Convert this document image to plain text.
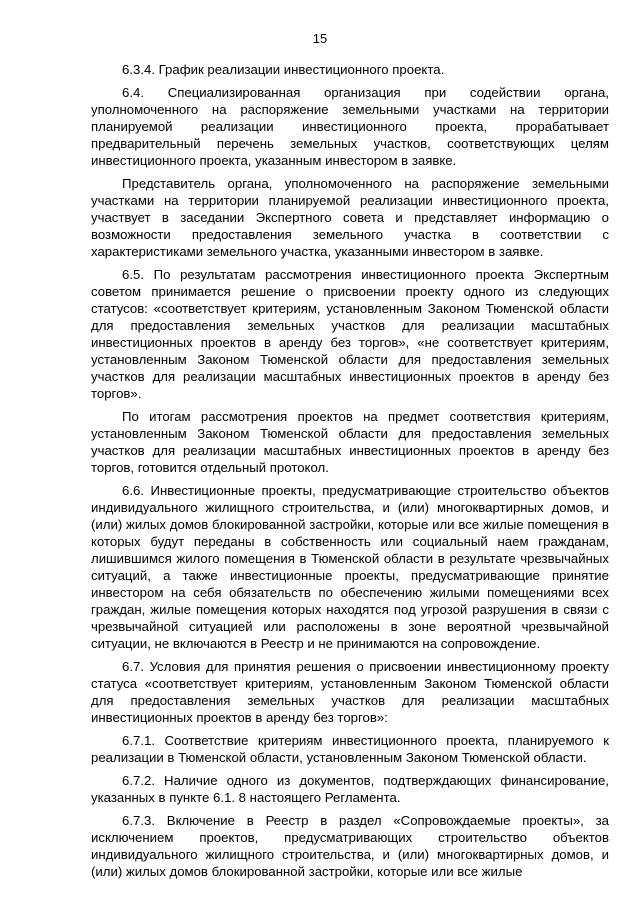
15

6.3.4. График реализации инвестиционного проекта.

6.4. Специализированная организация при содействии органа, уполномоченного на распоряжение земельными участками на территории планируемой реализации инвестиционного проекта, прорабатывает предварительный перечень земельных участков, соответствующих целям инвестиционного проекта, указанным инвестором в заявке.

Представитель органа, уполномоченного на распоряжение земельными участками на территории планируемой реализации инвестиционного проекта, участвует в заседании Экспертного совета и представляет информацию о возможности предоставления земельного участка в соответствии с характеристиками земельного участка, указанными инвестором в заявке.

6.5. По результатам рассмотрения инвестиционного проекта Экспертным советом принимается решение о присвоении проекту одного из следующих статусов: «соответствует критериям, установленным Законом Тюменской области для предоставления земельных участков для реализации масштабных инвестиционных проектов в аренду без торгов», «не соответствует критериям, установленным Законом Тюменской области для предоставления земельных участков для реализации масштабных инвестиционных проектов в аренду без торгов».

По итогам рассмотрения проектов на предмет соответствия критериям, установленным Законом Тюменской области для предоставления земельных участков для реализации масштабных инвестиционных проектов в аренду без торгов, готовится отдельный протокол.

6.6. Инвестиционные проекты, предусматривающие строительство объектов индивидуального жилищного строительства, и (или) многоквартирных домов, и (или) жилых домов блокированной застройки, которые или все жилые помещения в которых будут переданы в собственность или социальный наем гражданам, лишившимся жилого помещения в Тюменской области в результате чрезвычайных ситуаций, а также инвестиционные проекты, предусматривающие принятие инвестором на себя обязательств по обеспечению жилыми помещениями всех граждан, жилые помещения которых находятся под угрозой разрушения в связи с чрезвычайной ситуацией или расположены в зоне вероятной чрезвычайной ситуации, не включаются в Реестр и не принимаются на сопровождение.

6.7. Условия для принятия решения о присвоении инвестиционному проекту статуса «соответствует критериям, установленным Законом Тюменской области для предоставления земельных участков для реализации масштабных инвестиционных проектов в аренду без торгов»:

6.7.1. Соответствие критериям инвестиционного проекта, планируемого к реализации в Тюменской области, установленным Законом Тюменской области.

6.7.2. Наличие одного из документов, подтверждающих финансирование, указанных в пункте 6.1. 8 настоящего Регламента.

6.7.3. Включение в Реестр в раздел «Сопровождаемые проекты», за исключением проектов, предусматривающих строительство объектов индивидуального жилищного строительства, и (или) многоквартирных домов, и (или) жилых домов блокированной застройки, которые или все жилые
